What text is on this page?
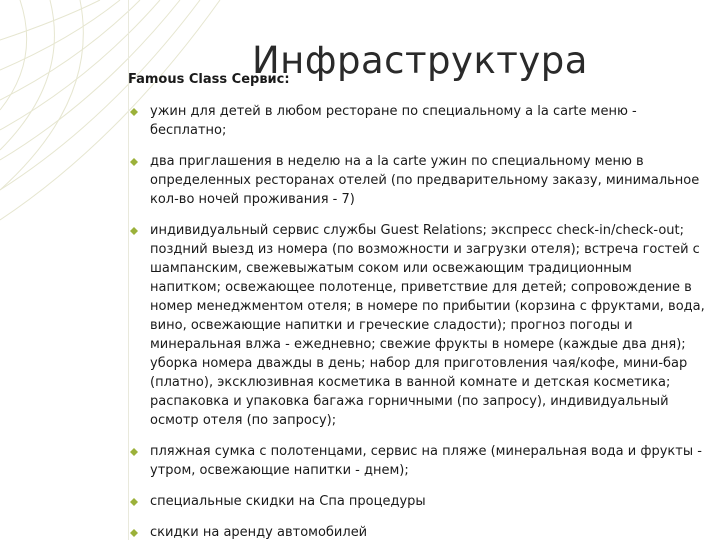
Инфраструктура
Famous Class Сервис:
ужин для детей в любом ресторане по специальному a la carte меню - бесплатно;
два приглашения в неделю на a la carte ужин по специальному меню в определенных ресторанах отелей (по предварительному заказу, минимальное кол-во ночей проживания - 7)
индивидуальный сервис службы Guest Relations; экспресс check-in/check-out; поздний выезд из номера (по возможности и загрузки отеля); встреча гостей с шампанским, свежевыжатым соком или освежающим традиционным напитком; освежающее полотенце, приветствие для детей; сопровождение в номер менеджментом отеля; в номере по прибытии (корзина с фруктами, вода, вино, освежающие напитки и греческие сладости); прогноз погоды и минеральная влжа - ежедневно; свежие фрукты в номере (каждые два дня); уборка номера дважды в день; набор для приготовления чая/кофе, мини-бар (платно), эксклюзивная косметика в ванной комнате и детская косметика; распаковка и упаковка багажа горничными (по запросу), индивидуальный осмотр отеля (по запросу);
пляжная сумка с полотенцами, сервис на пляже (минеральная вода и фрукты - утром, освежающие напитки - днем);
специальные скидки на Спа процедуры
скидки на аренду автомобилей
